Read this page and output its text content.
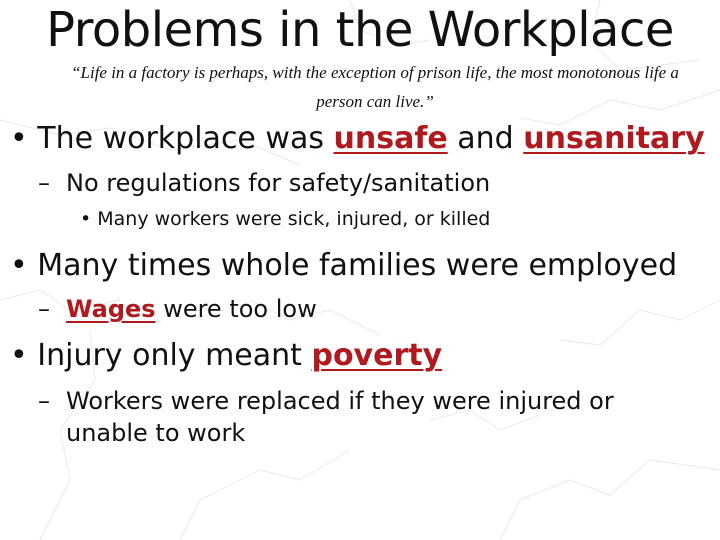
Problems in the Workplace
“Life in a factory is perhaps, with the exception of prison life, the most monotonous life a person can live.”
• The workplace was unsafe and unsanitary
– No regulations for safety/sanitation
• Many workers were sick, injured, or killed
• Many times whole families were employed
– Wages were too low
• Injury only meant poverty
– Workers were replaced if they were injured or unable to work
